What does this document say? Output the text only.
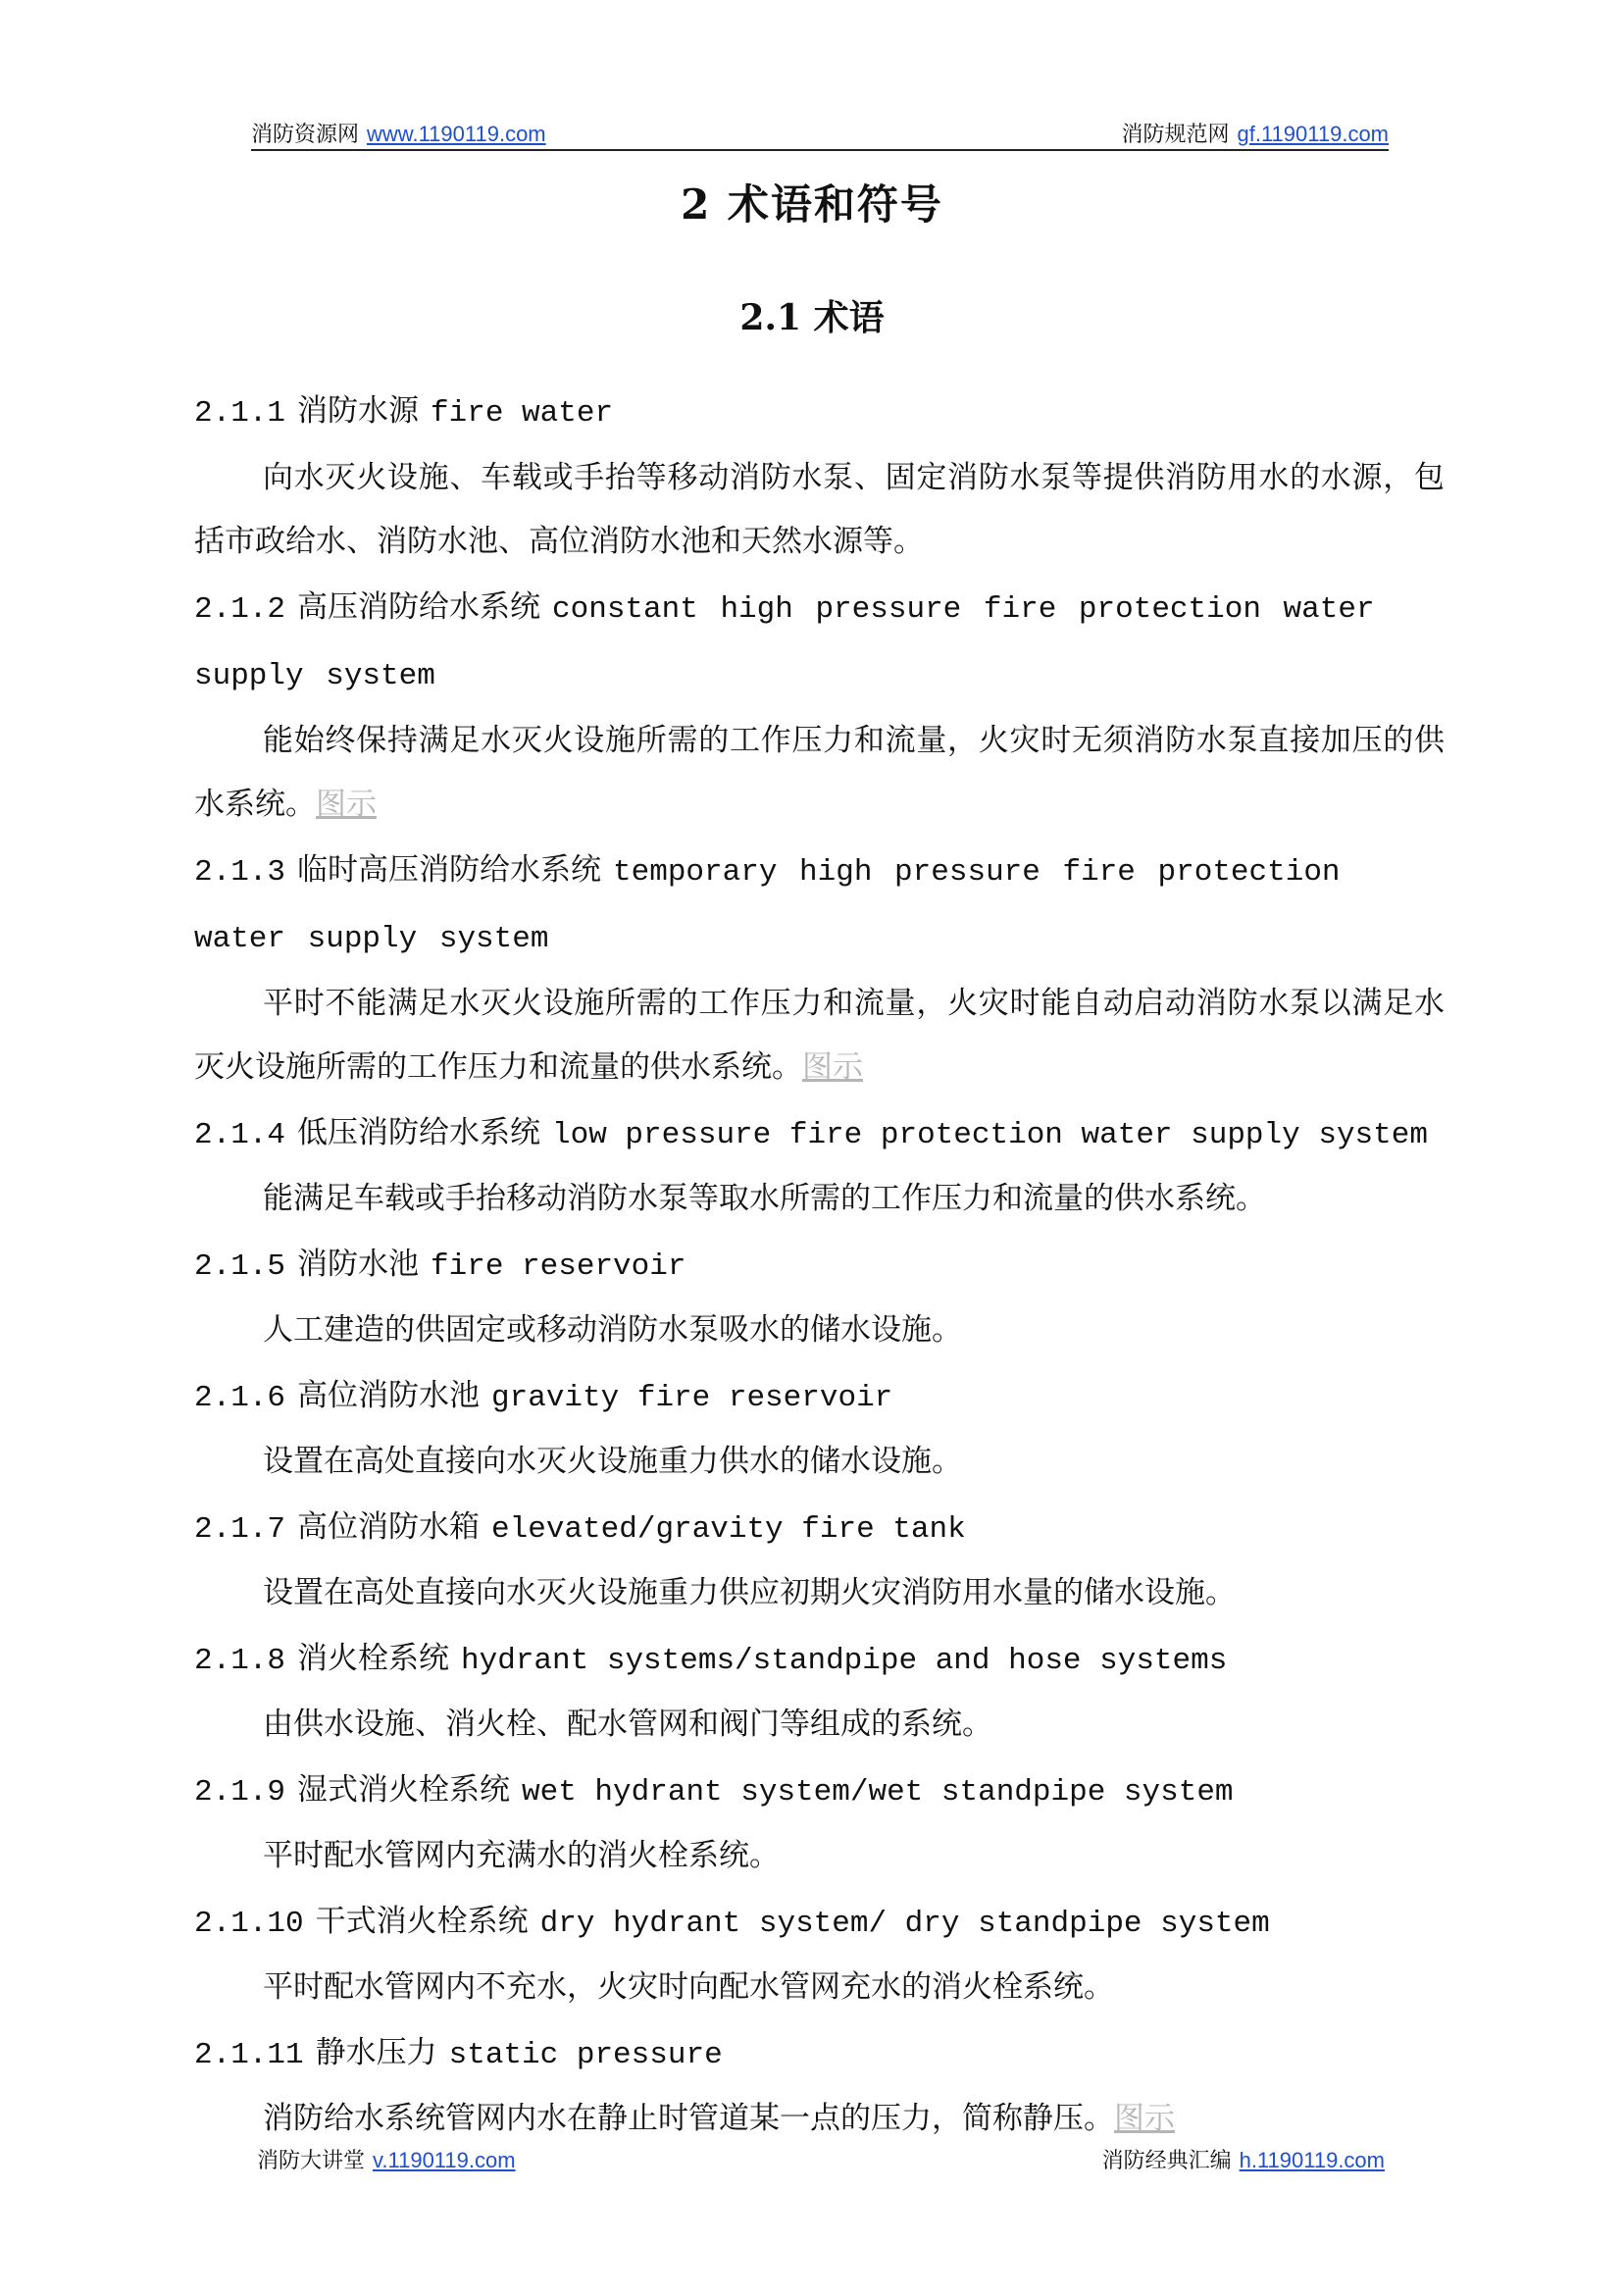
消防资源网 www.1190119.com	消防规范网 gf.1190119.com
2 术语和符号
2.1 术语

2.1.1 消防水源 fire water

向水灭火设施、车载或手抬等移动消防水泵、固定消防水泵等提供消防用水的水源，包括市政给水、消防水池、高位消防水池和天然水源等。

2.1.2 高压消防给水系统 constant high pressure fire protection water supply system

能始终保持满足水灭火设施所需的工作压力和流量，火灾时无须消防水泵直接加压的供水系统。图示

2.1.3 临时高压消防给水系统 temporary high pressure fire protection water supply system

平时不能满足水灭火设施所需的工作压力和流量，火灾时能自动启动消防水泵以满足水灭火设施所需的工作压力和流量的供水系统。图示

2.1.4 低压消防给水系统 low pressure fire protection water supply system

能满足车载或手抬移动消防水泵等取水所需的工作压力和流量的供水系统。

2.1.5 消防水池 fire reservoir

人工建造的供固定或移动消防水泵吸水的储水设施。

2.1.6 高位消防水池 gravity fire reservoir

设置在高处直接向水灭火设施重力供水的储水设施。

2.1.7 高位消防水箱 elevated/gravity fire tank

设置在高处直接向水灭火设施重力供应初期火灾消防用水量的储水设施。

2.1.8 消火栓系统 hydrant systems/standpipe and hose systems

由供水设施、消火栓、配水管网和阀门等组成的系统。

2.1.9 湿式消火栓系统 wet hydrant system/wet standpipe system

平时配水管网内充满水的消火栓系统。

2.1.10 干式消火栓系统 dry hydrant system/ dry standpipe system

平时配水管网内不充水，火灾时向配水管网充水的消火栓系统。

2.1.11 静水压力 static pressure

消防给水系统管网内水在静止时管道某一点的压力，简称静压。图示

消防大讲堂 v.1190119.com	消防经典汇编 h.1190119.com
